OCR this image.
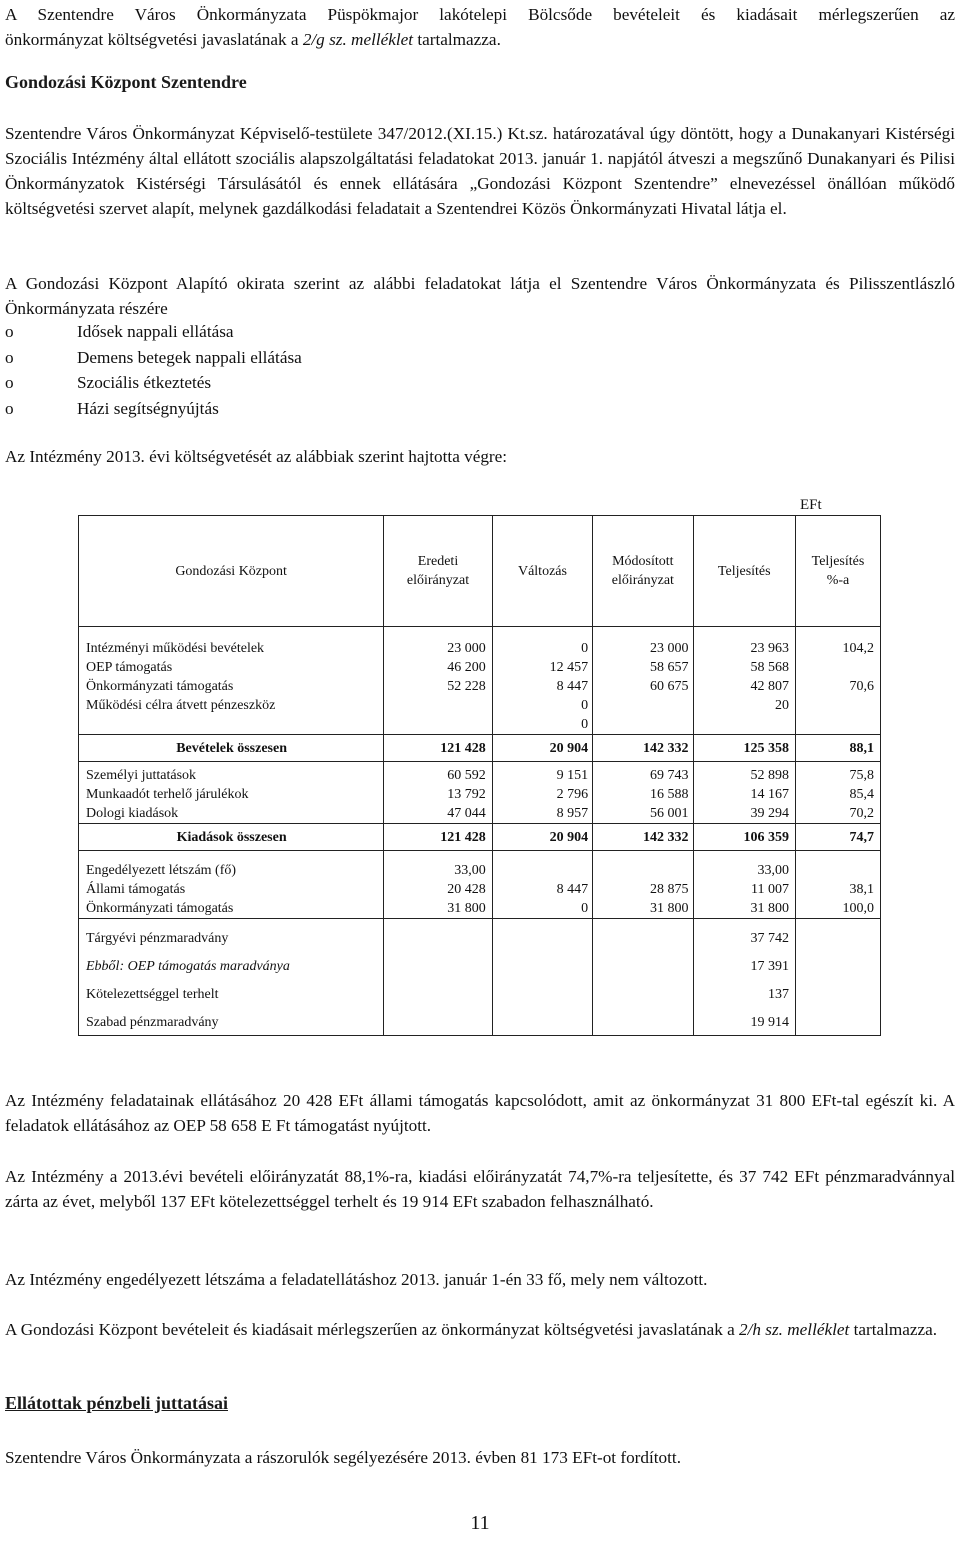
A Szentendre Város Önkormányzata Püspökmajor lakótelepi Bölcsőde bevételeit és kiadásait mérlegszerűen az
önkormányzat költségvetési javaslatának a 2/g sz. melléklet tartalmazza.

Gondozási Központ Szentendre

Szentendre Város Önkormányzat Képviselő-testülete 347/2012.(XI.15.) Kt.sz. határozatával úgy döntött, hogy a Dunakanyari Kistérségi Szociális Intézmény által ellátott szociális alapszolgáltatási feladatokat 2013. január 1. napjától átveszi a megszűnő Dunakanyari és Pilisi Önkormányzatok Kistérségi Társulásától és ennek ellátására „Gondozási Központ Szentendre” elnevezéssel önállóan működő költségvetési szervet alapít, melynek gazdálkodási feladatait a Szentendrei Közös Önkormányzati Hivatal látja el.

A Gondozási Központ Alapító okirata szerint az alábbi feladatokat látja el Szentendre Város Önkormányzata és Pilisszentlászló Önkormányzata részére

o	Idősek nappali ellátása
o	Demens betegek nappali ellátása
o	Szociális étkeztetés
o	Házi segítségnyújtás

Az Intézmény 2013. évi költségvetését az alábbiak szerint hajtotta végre:

EFt
Gondozási Központ	Eredeti előirányzat	Változás	Módosított előirányzat	Teljesítés	Teljesítés %-a
Intézményi működési bevételek	23 000	0	23 000	23 963	104,2
OEP támogatás	46 200	12 457	58 657	58 568	
Önkormányzati támogatás	52 228	8 447	60 675	42 807	70,6
Működési célra átvett pénzeszköz		0		20	
		0			
Bevételek összesen	121 428	20 904	142 332	125 358	88,1
Személyi juttatások	60 592	9 151	69 743	52 898	75,8
Munkaadót terhelő járulékok	13 792	2 796	16 588	14 167	85,4
Dologi kiadások	47 044	8 957	56 001	39 294	70,2
Kiadások összesen	121 428	20 904	142 332	106 359	74,7
Engedélyezett létszám (fő)	33,00			33,00	
Állami támogatás	20 428	8 447	28 875	11 007	38,1
Önkormányzati támogatás	31 800	0	31 800	31 800	100,0
Tárgyévi pénzmaradvány				37 742	
Ebből: OEP támogatás maradványa				17 391	
Kötelezettséggel terhelt				137	
Szabad pénzmaradvány				19 914	

Az Intézmény feladatainak ellátásához 20 428 EFt állami támogatás kapcsolódott, amit az önkormányzat 31 800 EFt-tal egészít ki. A feladatok ellátásához az OEP 58 658 E Ft támogatást nyújtott.

Az Intézmény a 2013.évi bevételi előirányzatát 88,1%-ra, kiadási előirányzatát 74,7%-ra teljesítette, és 37 742 EFt pénzmaradvánnyal zárta az évet, melyből 137 EFt kötelezettséggel terhelt és 19 914 EFt szabadon felhasználható.

Az Intézmény engedélyezett létszáma a feladatellátáshoz 2013. január 1-én 33 fő, mely nem változott.

A Gondozási Központ bevételeit és kiadásait mérlegszerűen az önkormányzat költségvetési javaslatának a 2/h sz. melléklet tartalmazza.

Ellátottak pénzbeli juttatásai

Szentendre Város Önkormányzata a rászorulók segélyezésére 2013. évben 81 173 EFt-ot fordított.

11
